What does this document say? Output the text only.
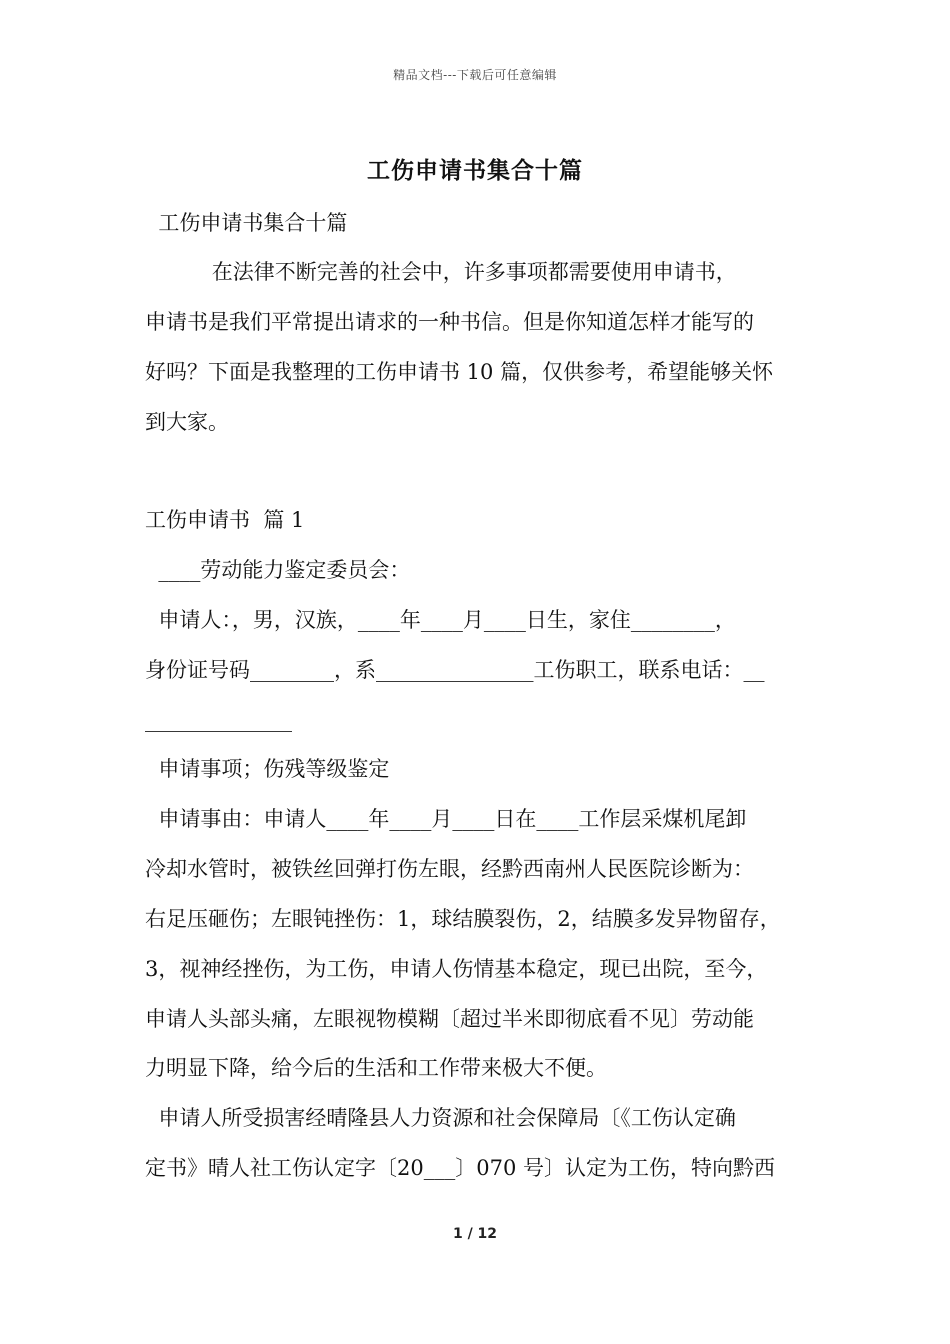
精品文档---下载后可任意编辑
工伤申请书集合十篇
工伤申请书集合十篇
在法律不断完善的社会中，许多事项都需要使用申请书，
申请书是我们平常提出请求的一种书信。但是你知道怎样才能写的
好吗？下面是我整理的工伤申请书 10 篇，仅供参考，希望能够关怀
到大家。
工伤申请书  篇 1
____劳动能力鉴定委员会：
申请人：，男，汉族，____年____月____日生，家住________，
身份证号码________，系_______________工伤职工，联系电话：__
______________
申请事项；伤残等级鉴定
申请事由：申请人____年____月____日在____工作层采煤机尾卸
冷却水管时，被铁丝回弹打伤左眼，经黔西南州人民医院诊断为：
右足压砸伤；左眼钝挫伤：1，球结膜裂伤，2，结膜多发异物留存，
3，视神经挫伤，为工伤，申请人伤情基本稳定，现已出院，至今，
申请人头部头痛，左眼视物模糊〔超过半米即彻底看不见〕劳动能
力明显下降，给今后的生活和工作带来极大不便。
申请人所受损害经晴隆县人力资源和社会保障局〔《工伤认定确
定书》晴人社工伤认定字〔20___〕070 号〕认定为工伤，特向黔西
1 / 12
